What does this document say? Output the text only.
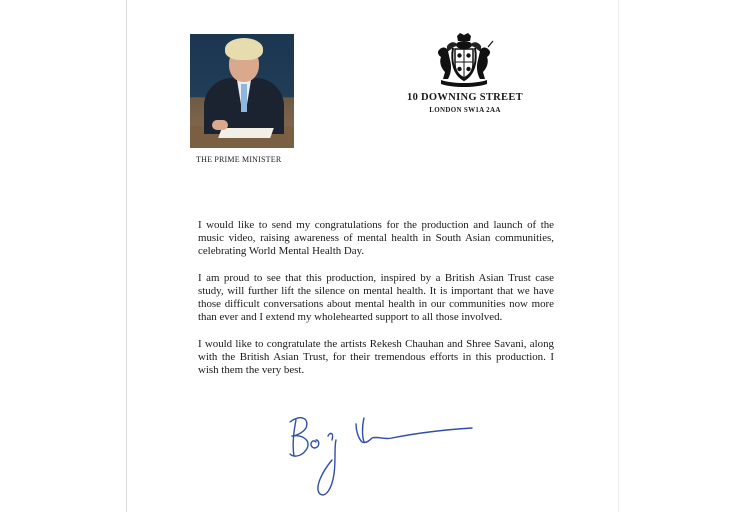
THE PRIME MINISTER
10 DOWNING STREET
LONDON SW1A 2AA

I would like to send my congratulations for the production and launch of the music video, raising awareness of mental health in South Asian communities, celebrating World Mental Health Day.

I am proud to see that this production, inspired by a British Asian Trust case study, will further lift the silence on mental health. It is important that we have those difficult conversations about mental health in our communities now more than ever and I extend my wholehearted support to all those involved.

I would like to congratulate the artists Rekesh Chauhan and Shree Savani, along with the British Asian Trust, for their tremendous efforts in this production. I wish them the very best.
